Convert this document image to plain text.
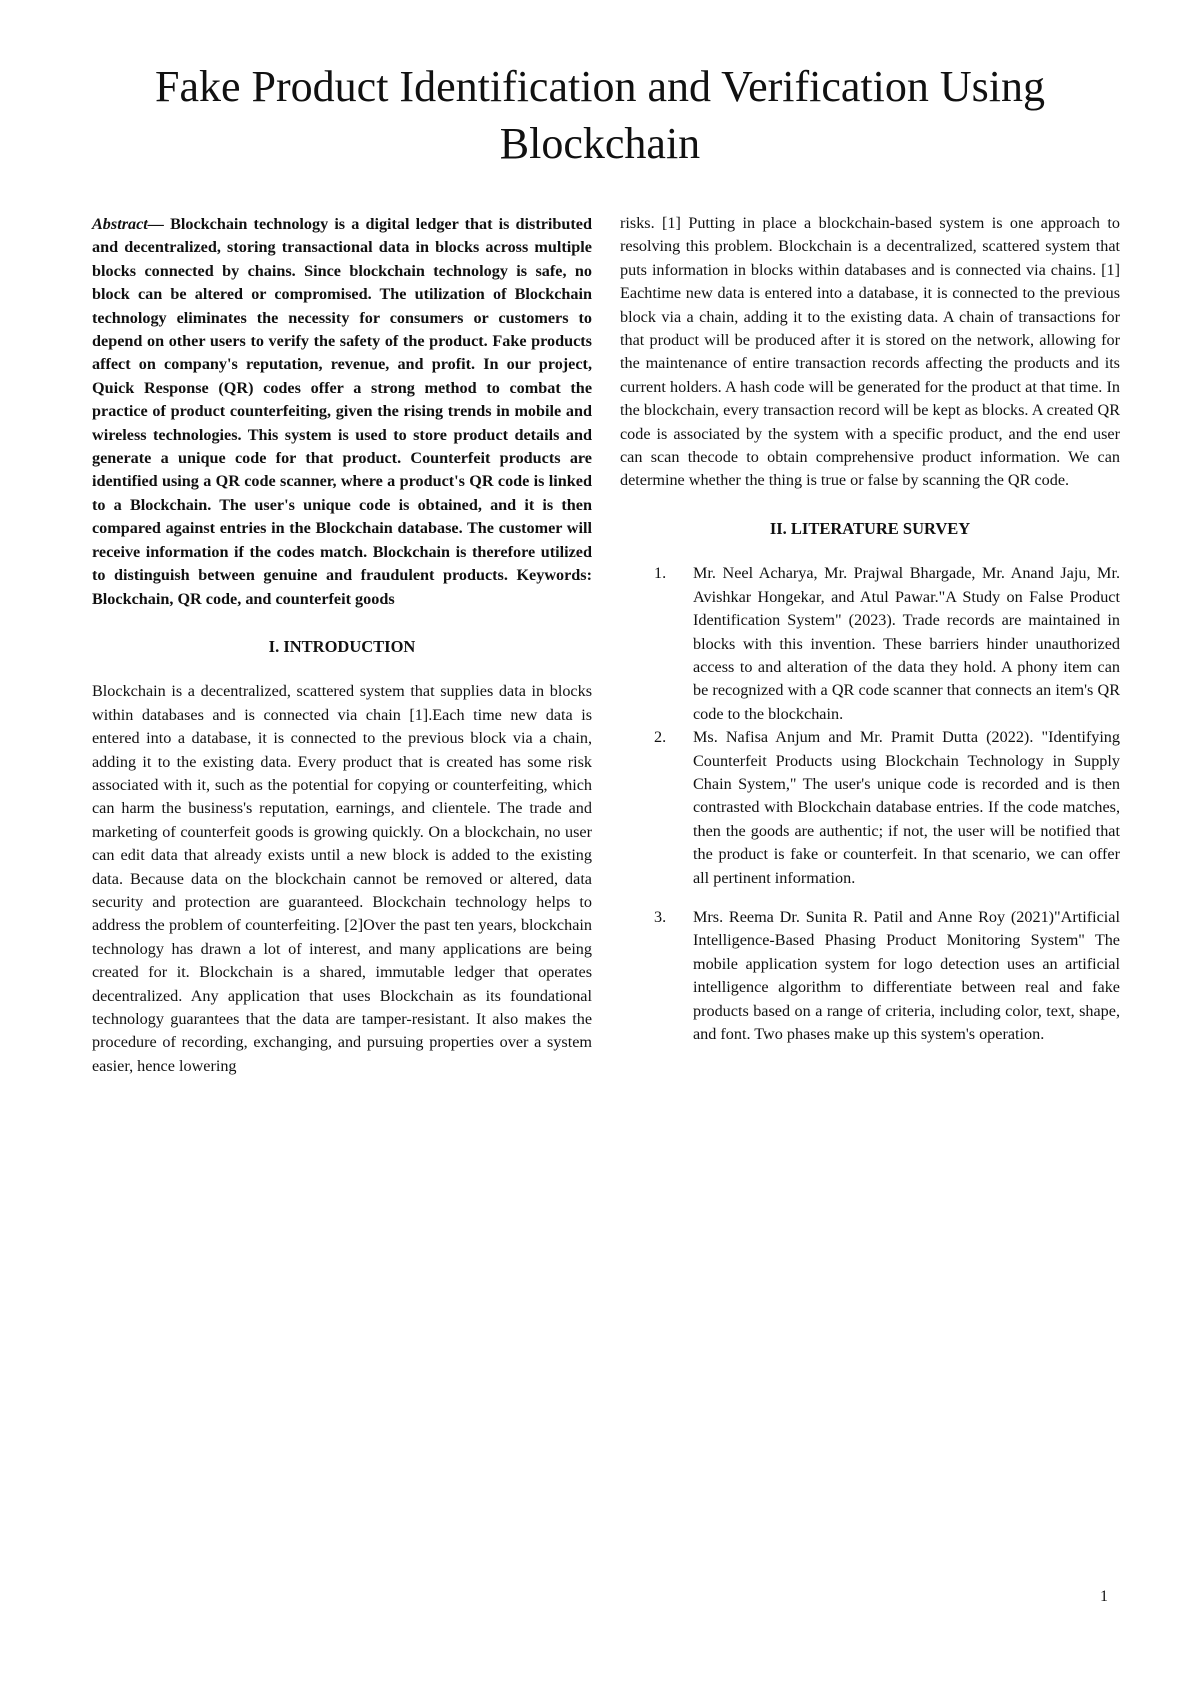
Fake Product Identification and Verification Using Blockchain

Abstract— Blockchain technology is a digital ledger that is distributed and decentralized, storing transactional data in blocks across multiple blocks connected by chains. Since blockchain technology is safe, no block can be altered or compromised. The utilization of Blockchain technology eliminates the necessity for consumers or customers to depend on other users to verify the safety of the product. Fake products affect on company's reputation, revenue, and profit. In our project, Quick Response (QR) codes offer a strong method to combat the practice of product counterfeiting, given the rising trends in mobile and wireless technologies. This system is used to store product details and generate a unique code for that product. Counterfeit products are identified using a QR code scanner, where a product's QR code is linked to a Blockchain. The user's unique code is obtained, and it is then compared against entries in the Blockchain database. The customer will receive information if the codes match. Blockchain is therefore utilized to distinguish between genuine and fraudulent products. Keywords: Blockchain, QR code, and counterfeit goods

I. INTRODUCTION

Blockchain is a decentralized, scattered system that supplies data in blocks within databases and is connected via chain [1].Each time new data is entered into a database, it is connected to the previous block via a chain, adding it to the existing data. Every product that is created has some risk associated with it, such as the potential for copying or counterfeiting, which can harm the business's reputation, earnings, and clientele. The trade and marketing of counterfeit goods is growing quickly. On a blockchain, no user can edit data that already exists until a new block is added to the existing data. Because data on the blockchain cannot be removed or altered, data security and protection are guaranteed. Blockchain technology helps to address the problem of counterfeiting. [2]Over the past ten years, blockchain technology has drawn a lot of interest, and many applications are being created for it. Blockchain is a shared, immutable ledger that operates decentralized. Any application that uses Blockchain as its foundational technology guarantees that the data are tamper-resistant. It also makes the procedure of recording, exchanging, and pursuing properties over a system easier, hence lowering

risks. [1] Putting in place a blockchain-based system is one approach to resolving this problem. Blockchain is a decentralized, scattered system that puts information in blocks within databases and is connected via chains. [1] Eachtime new data is entered into a database, it is connected to the previous block via a chain, adding it to the existing data. A chain of transactions for that product will be produced after it is stored on the network, allowing for the maintenance of entire transaction records affecting the products and its current holders. A hash code will be generated for the product at that time. In the blockchain, every transaction record will be kept as blocks. A created QR code is associated by the system with a specific product, and the end user can scan thecode to obtain comprehensive product information. We can determine whether the thing is true or false by scanning the QR code.

II. LITERATURE SURVEY
1. Mr. Neel Acharya, Mr. Prajwal Bhargade, Mr. Anand Jaju, Mr. Avishkar Hongekar, and Atul Pawar."A Study on False Product Identification System" (2023). Trade records are maintained in blocks with this invention. These barriers hinder unauthorized access to and alteration of the data they hold. A phony item can be recognized with a QR code scanner that connects an item's QR code to the blockchain.
2. Ms. Nafisa Anjum and Mr. Pramit Dutta (2022). "Identifying Counterfeit Products using Blockchain Technology in Supply Chain System," The user's unique code is recorded and is then contrasted with Blockchain database entries. If the code matches, then the goods are authentic; if not, the user will be notified that the product is fake or counterfeit. In that scenario, we can offer all pertinent information.
3. Mrs. Reema Dr. Sunita R. Patil and Anne Roy (2021)"Artificial Intelligence-Based Phasing Product Monitoring System" The mobile application system for logo detection uses an artificial intelligence algorithm to differentiate between real and fake products based on a range of criteria, including color, text, shape, and font. Two phases make up this system's operation.
1
